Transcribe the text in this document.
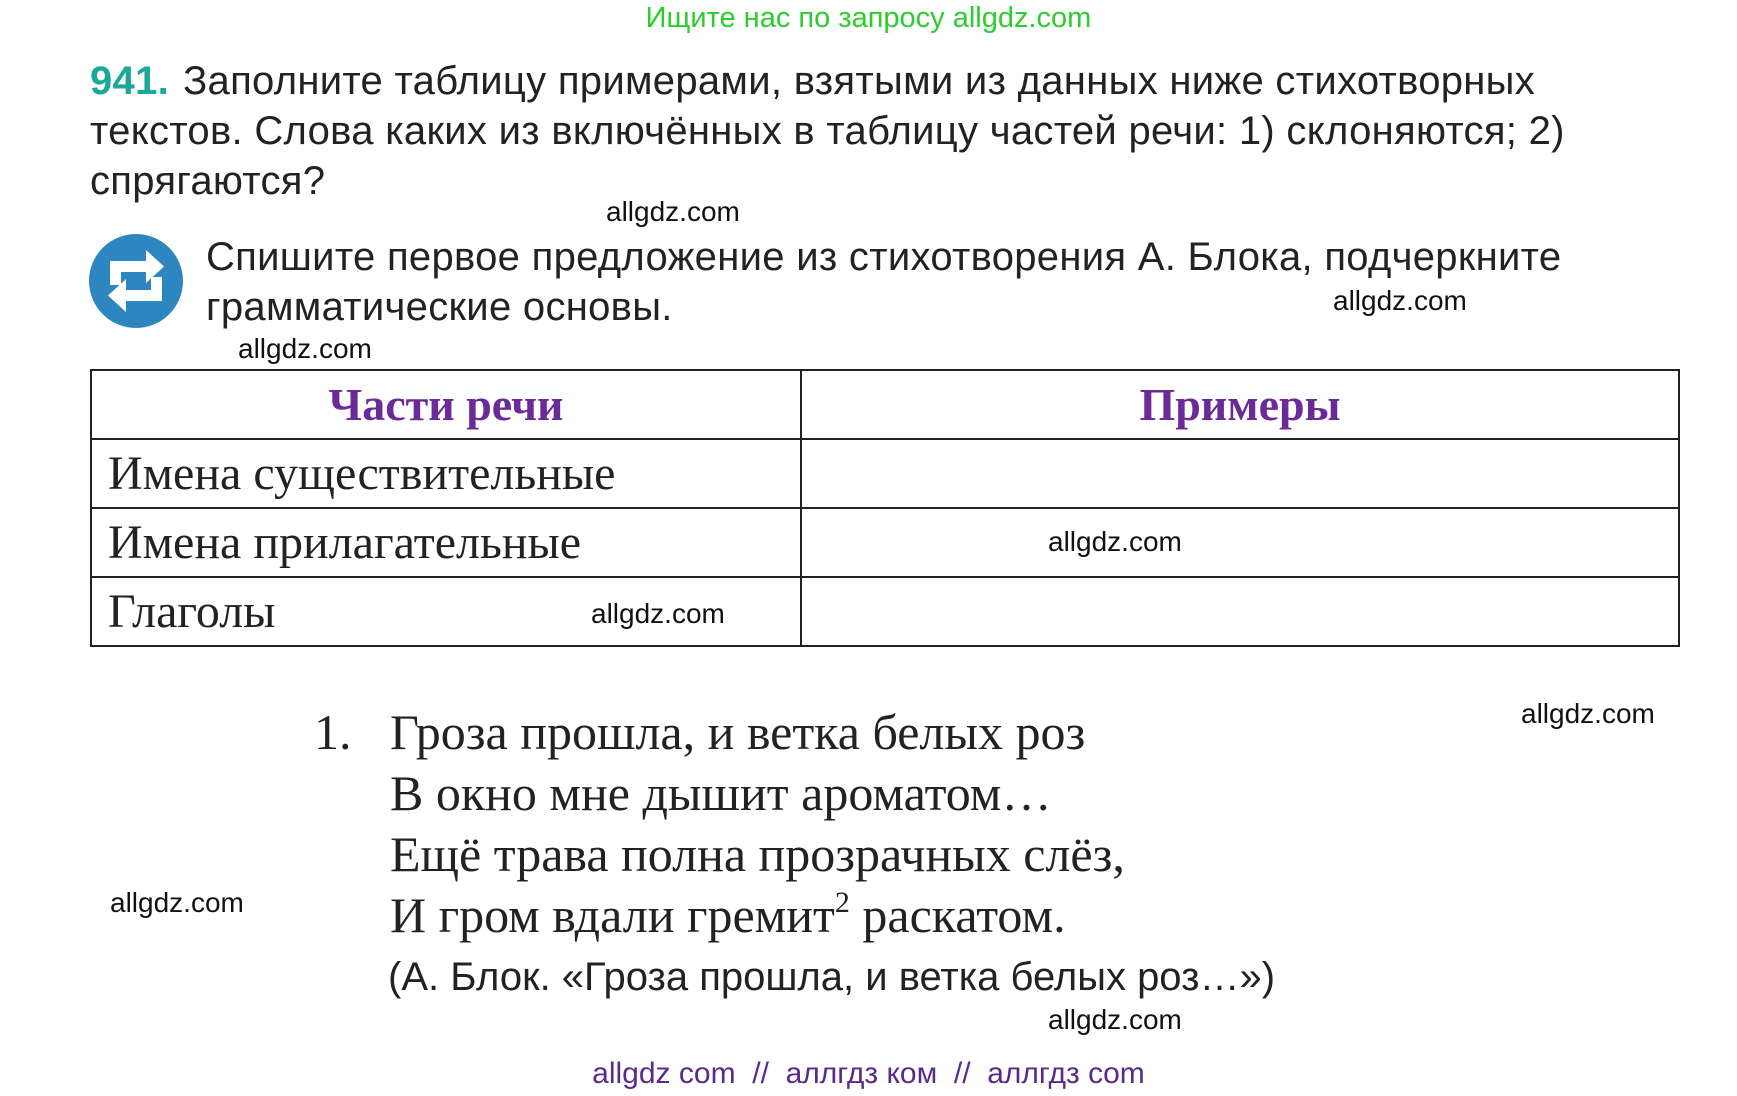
Ищите нас по запросу allgdz.com
941. Заполните таблицу примерами, взятыми из данных ниже стихотворных текстов. Слова каких из включённых в таблицу частей речи: 1) склоняются; 2) спрягаются?
Спишите первое предложение из стихотворения А. Блока, подчеркните грамматические основы.
Части речи	Примеры
Имена существительные	
Имена прилагательные	
Глаголы	
1. Гроза прошла, и ветка белых роз
В окно мне дышит ароматом…
Ещё трава полна прозрачных слёз,
И гром вдали гремит$^2$ раскатом.
(А. Блок. «Гроза прошла, и ветка белых роз…»)
allgdz.com
allgdz.com
allgdz.com
allgdz.com
allgdz.com
allgdz.com
allgdz.com
allgdz.com
allgdz com  //  аллгдз ком  //  аллгдз com
